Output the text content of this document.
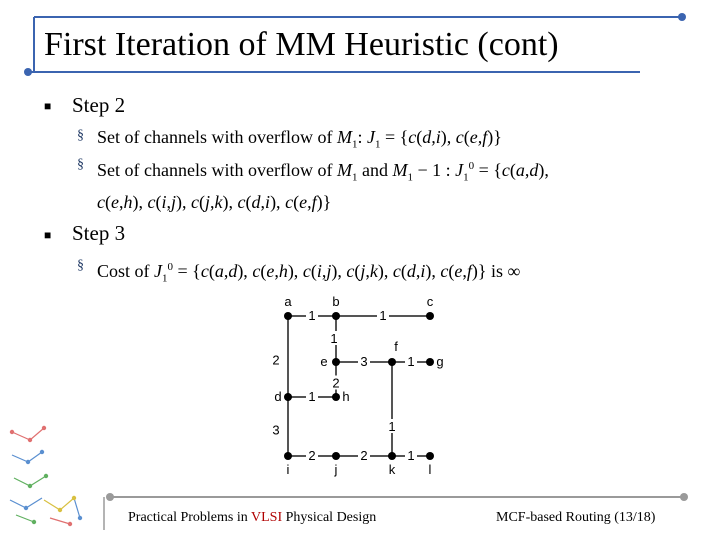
First Iteration of MM Heuristic (cont)
■ Step 2
§ Set of channels with overflow of $M_1$: $J_1 = \{c(d,i)$, c(e,f)}
§ Set of channels with overflow of $M_1$ and $M_1 - 1$ : $J_1^0 = \{c(a,d)$,
c(e,h), c(i,j), c(j,k), c(d,i), c(e,f)}
■ Step 3
§ Cost of $J_1^0 = \{c(a,d)$, c(e,h), c(i,j), c(j,k), c(d,i), c(e,f)} is ∞
1	1
1
2	3	1
2
1
1
3
2	2	1
a	b	c
e
f
g
d	h
i	j	k	l
Practical Problems in VLSI Physical Design	MCF-based Routing (13/18)
